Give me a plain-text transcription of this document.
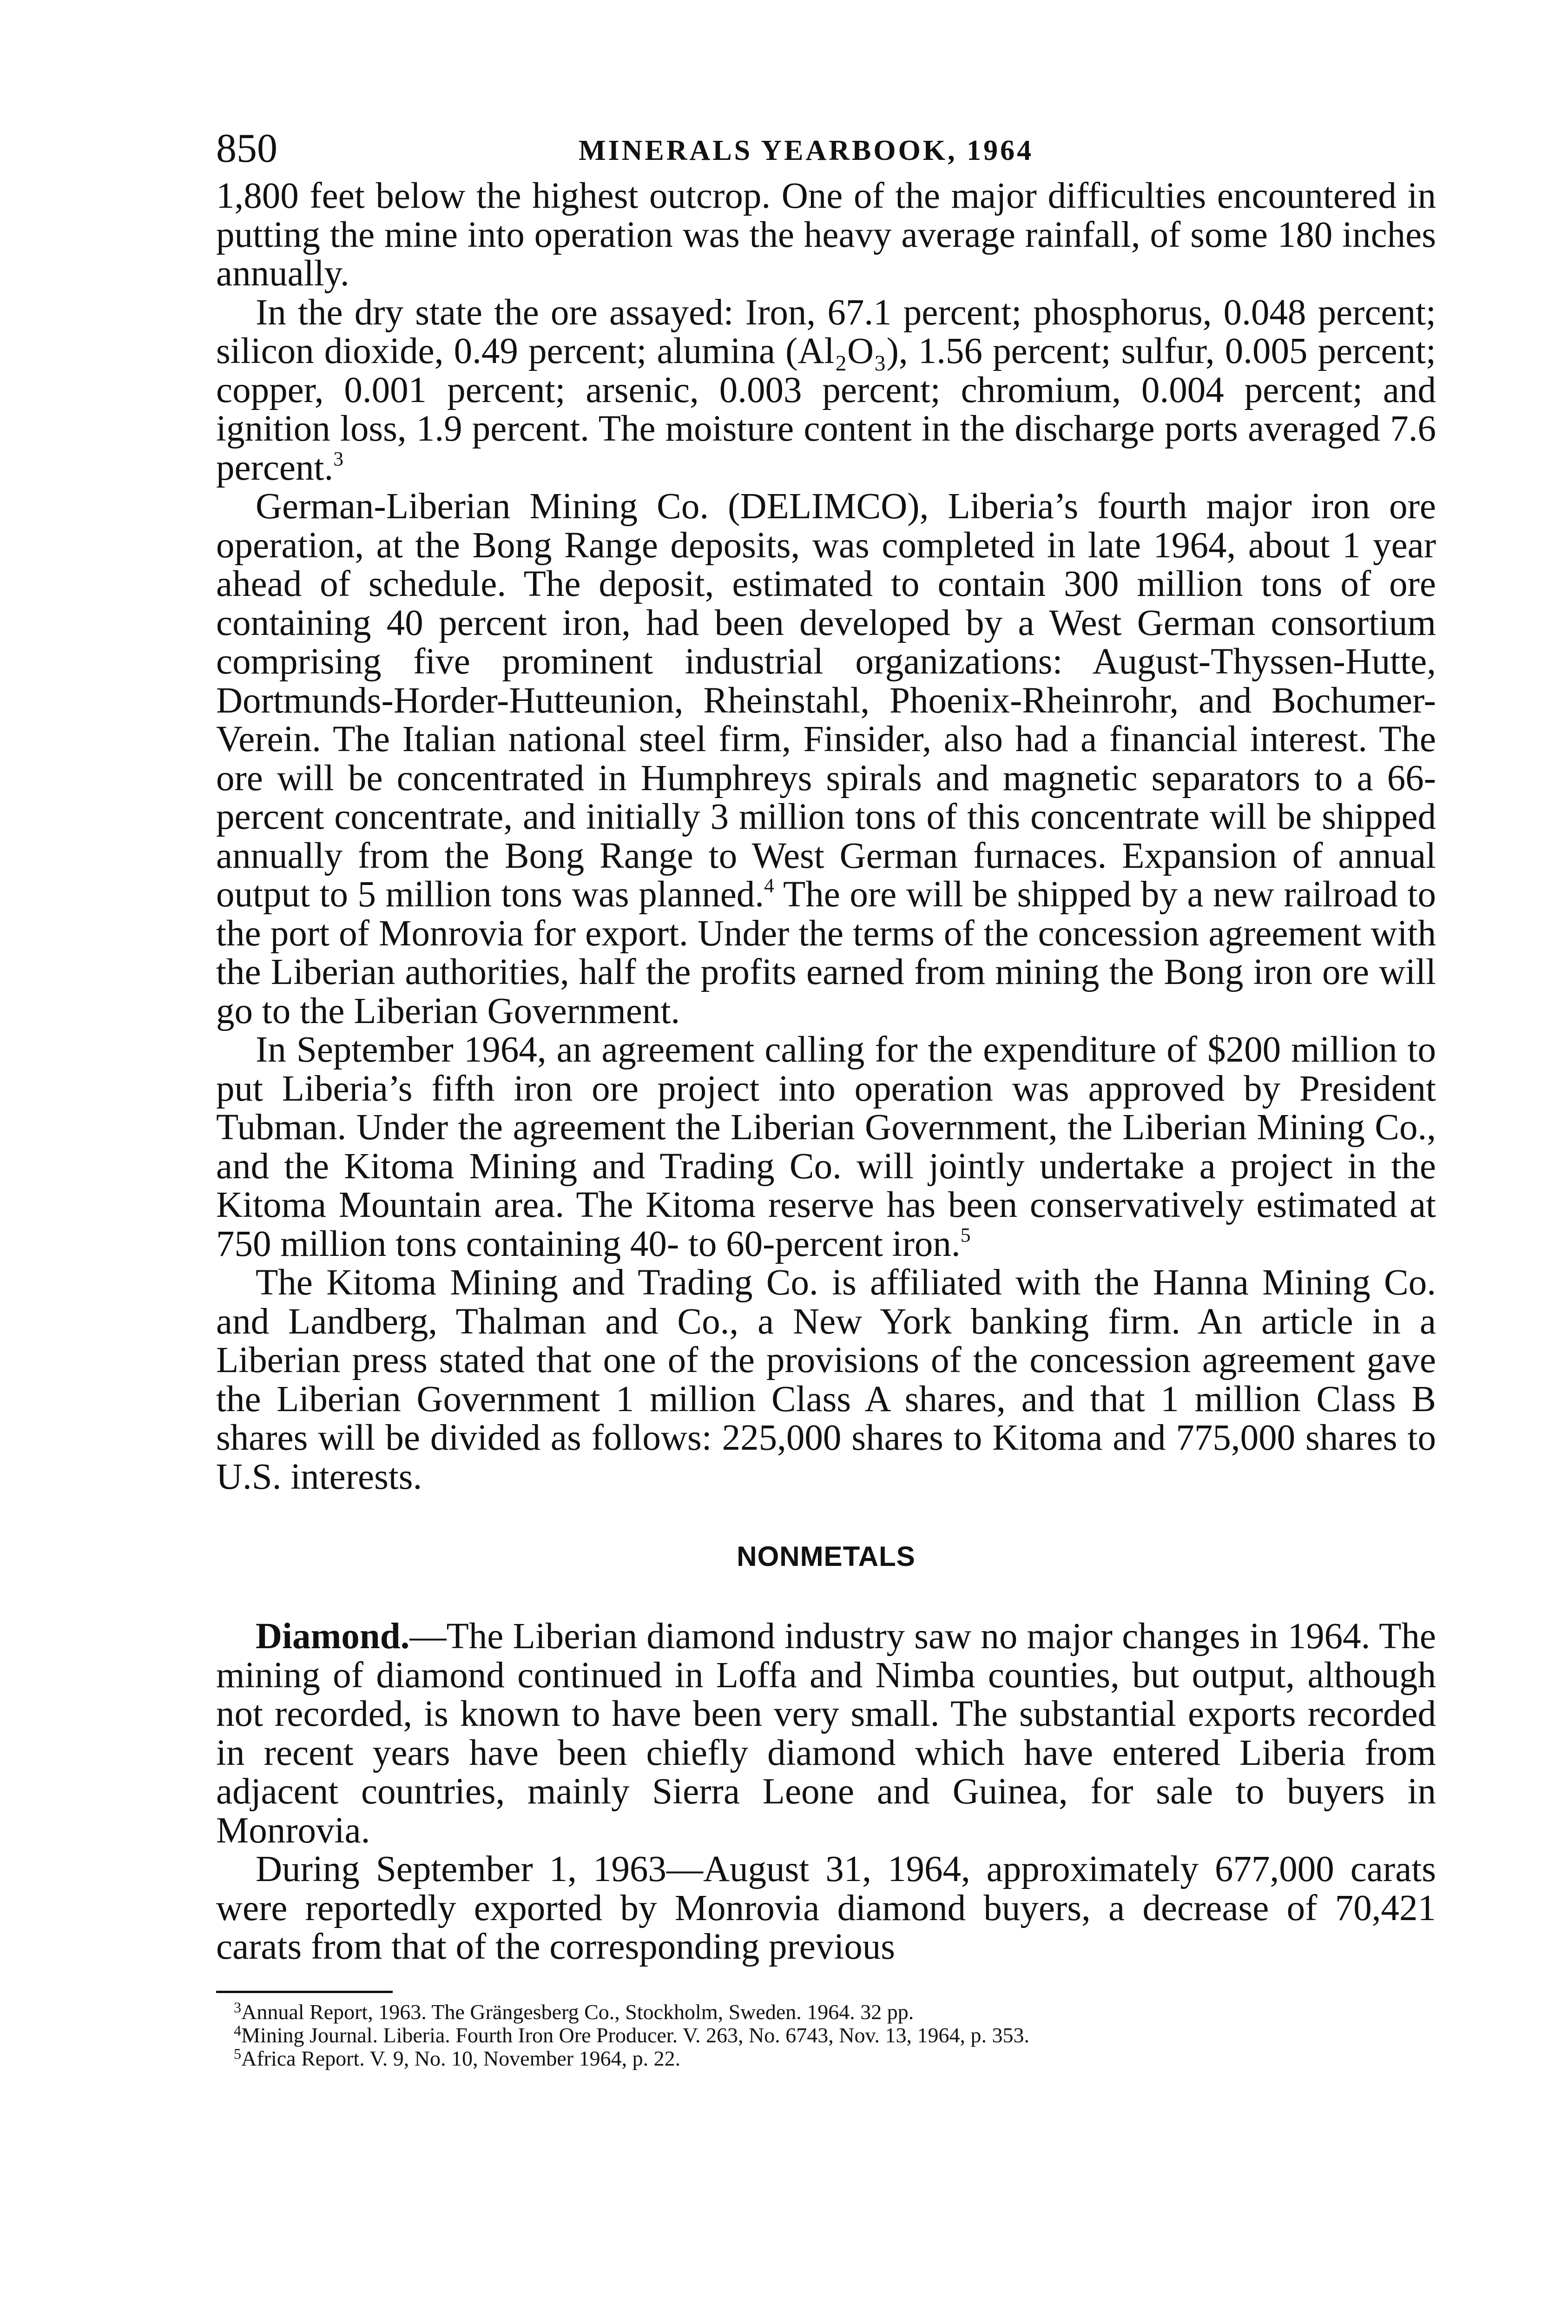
850	MINERALS YEARBOOK, 1964

1,800 feet below the highest outcrop. One of the major difficulties encountered in putting the mine into operation was the heavy average rainfall, of some 180 inches annually.

In the dry state the ore assayed: Iron, 67.1 percent; phosphorus, 0.048 percent; silicon dioxide, 0.49 percent; alumina (Al₂O₃), 1.56 percent; sulfur, 0.005 percent; copper, 0.001 percent; arsenic, 0.003 percent; chromium, 0.004 percent; and ignition loss, 1.9 percent. The moisture content in the discharge ports averaged 7.6 percent.$^3$

German-Liberian Mining Co. (DELIMCO), Liberia’s fourth major iron ore operation, at the Bong Range deposits, was completed in late 1964, about 1 year ahead of schedule. The deposit, estimated to contain 300 million tons of ore containing 40 percent iron, had been developed by a West German consortium comprising five prominent industrial organizations: August-Thyssen-Hutte, Dortmunds-Horder-Hutteunion, Rheinstahl, Phoenix-Rheinrohr, and Bochumer-Verein. The Italian national steel firm, Finsider, also had a financial interest. The ore will be concentrated in Humphreys spirals and magnetic separators to a 66-percent concentrate, and initially 3 million tons of this concentrate will be shipped annually from the Bong Range to West German furnaces. Expansion of annual output to 5 million tons was planned.$^4$ The ore will be shipped by a new railroad to the port of Monrovia for export. Under the terms of the concession agreement with the Liberian authorities, half the profits earned from mining the Bong iron ore will go to the Liberian Government.

In September 1964, an agreement calling for the expenditure of $200 million to put Liberia’s fifth iron ore project into operation was approved by President Tubman. Under the agreement the Liberian Government, the Liberian Mining Co., and the Kitoma Mining and Trading Co. will jointly undertake a project in the Kitoma Mountain area. The Kitoma reserve has been conservatively estimated at 750 million tons containing 40- to 60-percent iron.$^5$

The Kitoma Mining and Trading Co. is affiliated with the Hanna Mining Co. and Landberg, Thalman and Co., a New York banking firm. An article in a Liberian press stated that one of the provisions of the concession agreement gave the Liberian Government 1 million Class A shares, and that 1 million Class B shares will be divided as follows: 225,000 shares to Kitoma and 775,000 shares to U.S. interests.

NONMETALS

Diamond.—The Liberian diamond industry saw no major changes in 1964. The mining of diamond continued in Loffa and Nimba counties, but output, although not recorded, is known to have been very small. The substantial exports recorded in recent years have been chiefly diamond which have entered Liberia from adjacent countries, mainly Sierra Leone and Guinea, for sale to buyers in Monrovia.

During September 1, 1963—August 31, 1964, approximately 677,000 carats were reportedly exported by Monrovia diamond buyers, a decrease of 70,421 carats from that of the corresponding previous

$^3$Annual Report, 1963. The Grängesberg Co., Stockholm, Sweden. 1964. 32 pp.

$^4$Mining Journal. Liberia. Fourth Iron Ore Producer. V. 263, No. 6743, Nov. 13, 1964, p. 353.

$^5$Africa Report. V. 9, No. 10, November 1964, p. 22.
